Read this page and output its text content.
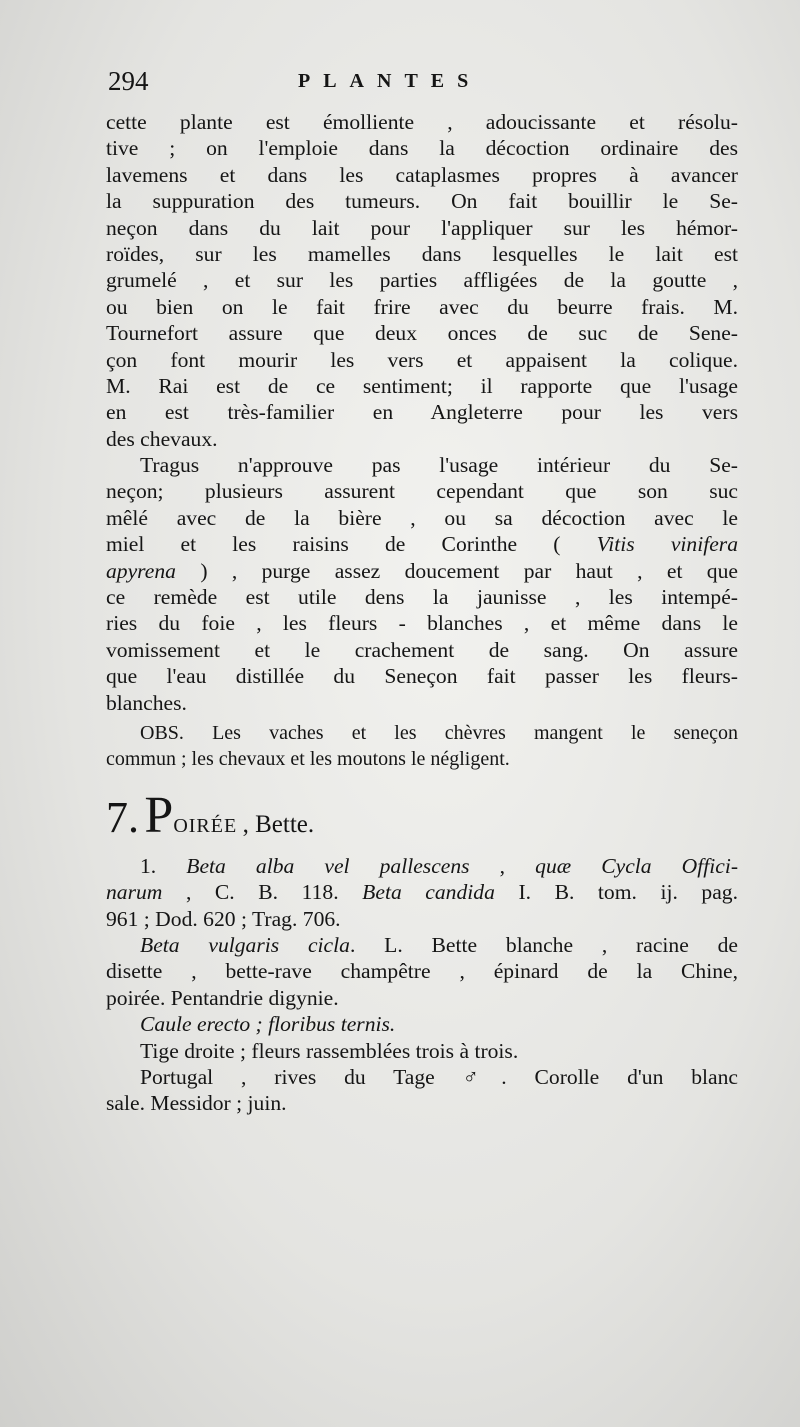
294	PLANTES
cette plante est émolliente , adoucissante et résolu-
tive ; on l'emploie dans la décoction ordinaire des
lavemens et dans les cataplasmes propres à avancer
la suppuration des tumeurs. On fait bouillir le Se-
neçon dans du lait pour l'appliquer sur les hémor-
roïdes, sur les mamelles dans lesquelles le lait est
grumelé , et sur les parties affligées de la goutte ,
ou bien on le fait frire avec du beurre frais. M.
Tournefort assure que deux onces de suc de Sene-
çon font mourir les vers et appaisent la colique.
M. Rai est de ce sentiment; il rapporte que l'usage
en est très-familier en Angleterre pour les vers
des chevaux.
Tragus n'approuve pas l'usage intérieur du Se-
neçon; plusieurs assurent cependant que son suc
mêlé avec de la bière , ou sa décoction avec le
miel et les raisins de Corinthe ( Vitis vinifera
apyrena ) , purge assez doucement par haut , et que
ce remède est utile dens la jaunisse , les intempé-
ries du foie , les fleurs - blanches , et même dans le
vomissement et le crachement de sang. On assure
que l'eau distillée du Seneçon fait passer les fleurs-
blanches.
OBS. Les vaches et les chèvres mangent le seneçon
commun ; les chevaux et les moutons le négligent.
7. POIRÉE , Bette.
1. Beta alba vel pallescens , quæ Cycla Offici-
narum , C. B. 118. Beta candida I. B. tom. ij. pag.
961 ; Dod. 620 ; Trag. 706.
Beta vulgaris cicla. L. Bette blanche , racine de
disette , bette-rave champêtre , épinard de la Chine,
poirée. Pentandrie digynie.
Caule erecto ; floribus ternis.
Tige droite ; fleurs rassemblées trois à trois.
Portugal , rives du Tage ♂. Corolle d'un blanc
sale. Messidor ; juin.
